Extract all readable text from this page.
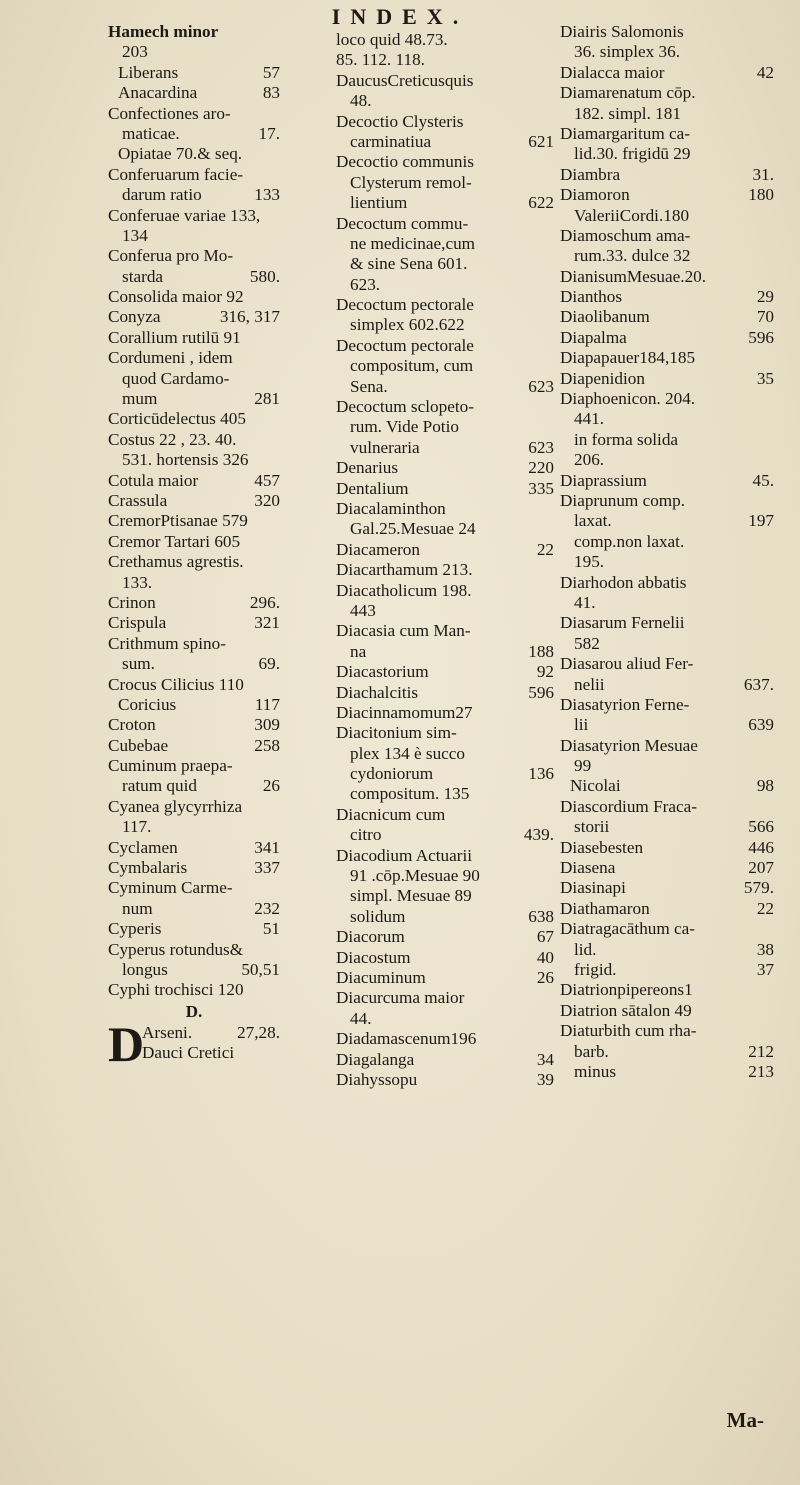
INDEX.
Hamech minor
203
Liberans	57
Anacardina	83
Confectiones aro-
maticae.	17.
Opiatae 70.& seq.
Conferuarum facie-
darum ratio	133
Conferuae variae 133,
134
Conferua pro Mo-
starda	580.
Consolida maior 92
Conyza	316, 317
Corallium rutilū 91
Cordumeni , idem
quod Cardamo-
mum	281
Corticūdelectus 405
Costus 22 , 23. 40.
531. hortensis 326
Cotula maior	457
Crassula	320
CremorPtisanae 579
Cremor Tartari 605
Crethamus agrestis.
133.
Crinon	296.
Crispula	321
Crithmum spino-
sum.	69.
Crocus Cilicius 110
Coricius	117
Croton	309
Cubebae	258
Cuminum praepa-
ratum quid	26
Cyanea glycyrrhiza
117.
Cyclamen	341
Cymbalaris	337
Cyminum Carme-
num	232
Cyperis	51
Cyperus rotundus&
longus	50,51
Cyphi trochisci 120
D.
D
Arseni.	27,28.
Dauci Cretici
loco quid 48.73.
85. 112. 118.
DaucusCreticusquis
48.
Decoctio Clysteris
carminatiua	621
Decoctio communis
Clysterum remol-
lientium	622
Decoctum commu-
ne medicinae,cum
& sine Sena 601.
623.
Decoctum pectorale
simplex 602.622
Decoctum pectorale
compositum, cum
Sena.	623
Decoctum sclopeto-
rum. Vide Potio
vulneraria	623
Denarius	220
Dentalium	335
Diacalaminthon
Gal.25.Mesuae 24
Diacameron	22
Diacarthamum 213.
Diacatholicum 198.
443
Diacasia cum Man-
na	188
Diacastorium	92
Diachalcitis	596
Diacinnamomum27
Diacitonium sim-
plex 134 è succo
cydoniorum	136
compositum. 135
Diacnicum cum
citro	439.
Diacodium Actuarii
91 .cōp.Mesuae 90
simpl. Mesuae 89
solidum	638
Diacorum	67
Diacostum	40
Diacuminum	26
Diacurcuma maior
44.
Diadamascenum196
Diagalanga	34
Diahyssopu	39
Diairis Salomonis
36. simplex 36.
Dialacca maior	42
Diamarenatum cōp.
182. simpl. 181
Diamargaritum ca-
lid.30. frigidū 29
Diambra	31.
Diamoron	180
ValeriiCordi.180
Diamoschum ama-
rum.33. dulce 32
DianisumMesuae.20.
Dianthos	29
Diaolibanum	70
Diapalma	596
Diapapauer184,185
Diapenidion	35
Diaphoenicon. 204.
441.
in forma solida
206.
Diaprassium	45.
Diaprunum comp.
laxat.	197
comp.non laxat.
195.
Diarhodon abbatis
41.
Diasarum Fernelii
582
Diasarou aliud Fer-
nelii	637.
Diasatyrion Ferne-
lii	639
Diasatyrion Mesuae
99
Nicolai	98
Diascordium Fraca-
storii	566
Diasebesten	446
Diasena	207
Diasinapi	579.
Diathamaron	22
Diatragacāthum ca-
lid.	38
frigid.	37
Diatrionpipereons1
Diatrion sātalon 49
Diaturbith cum rha-
barb.	212
minus	213
Ma-
